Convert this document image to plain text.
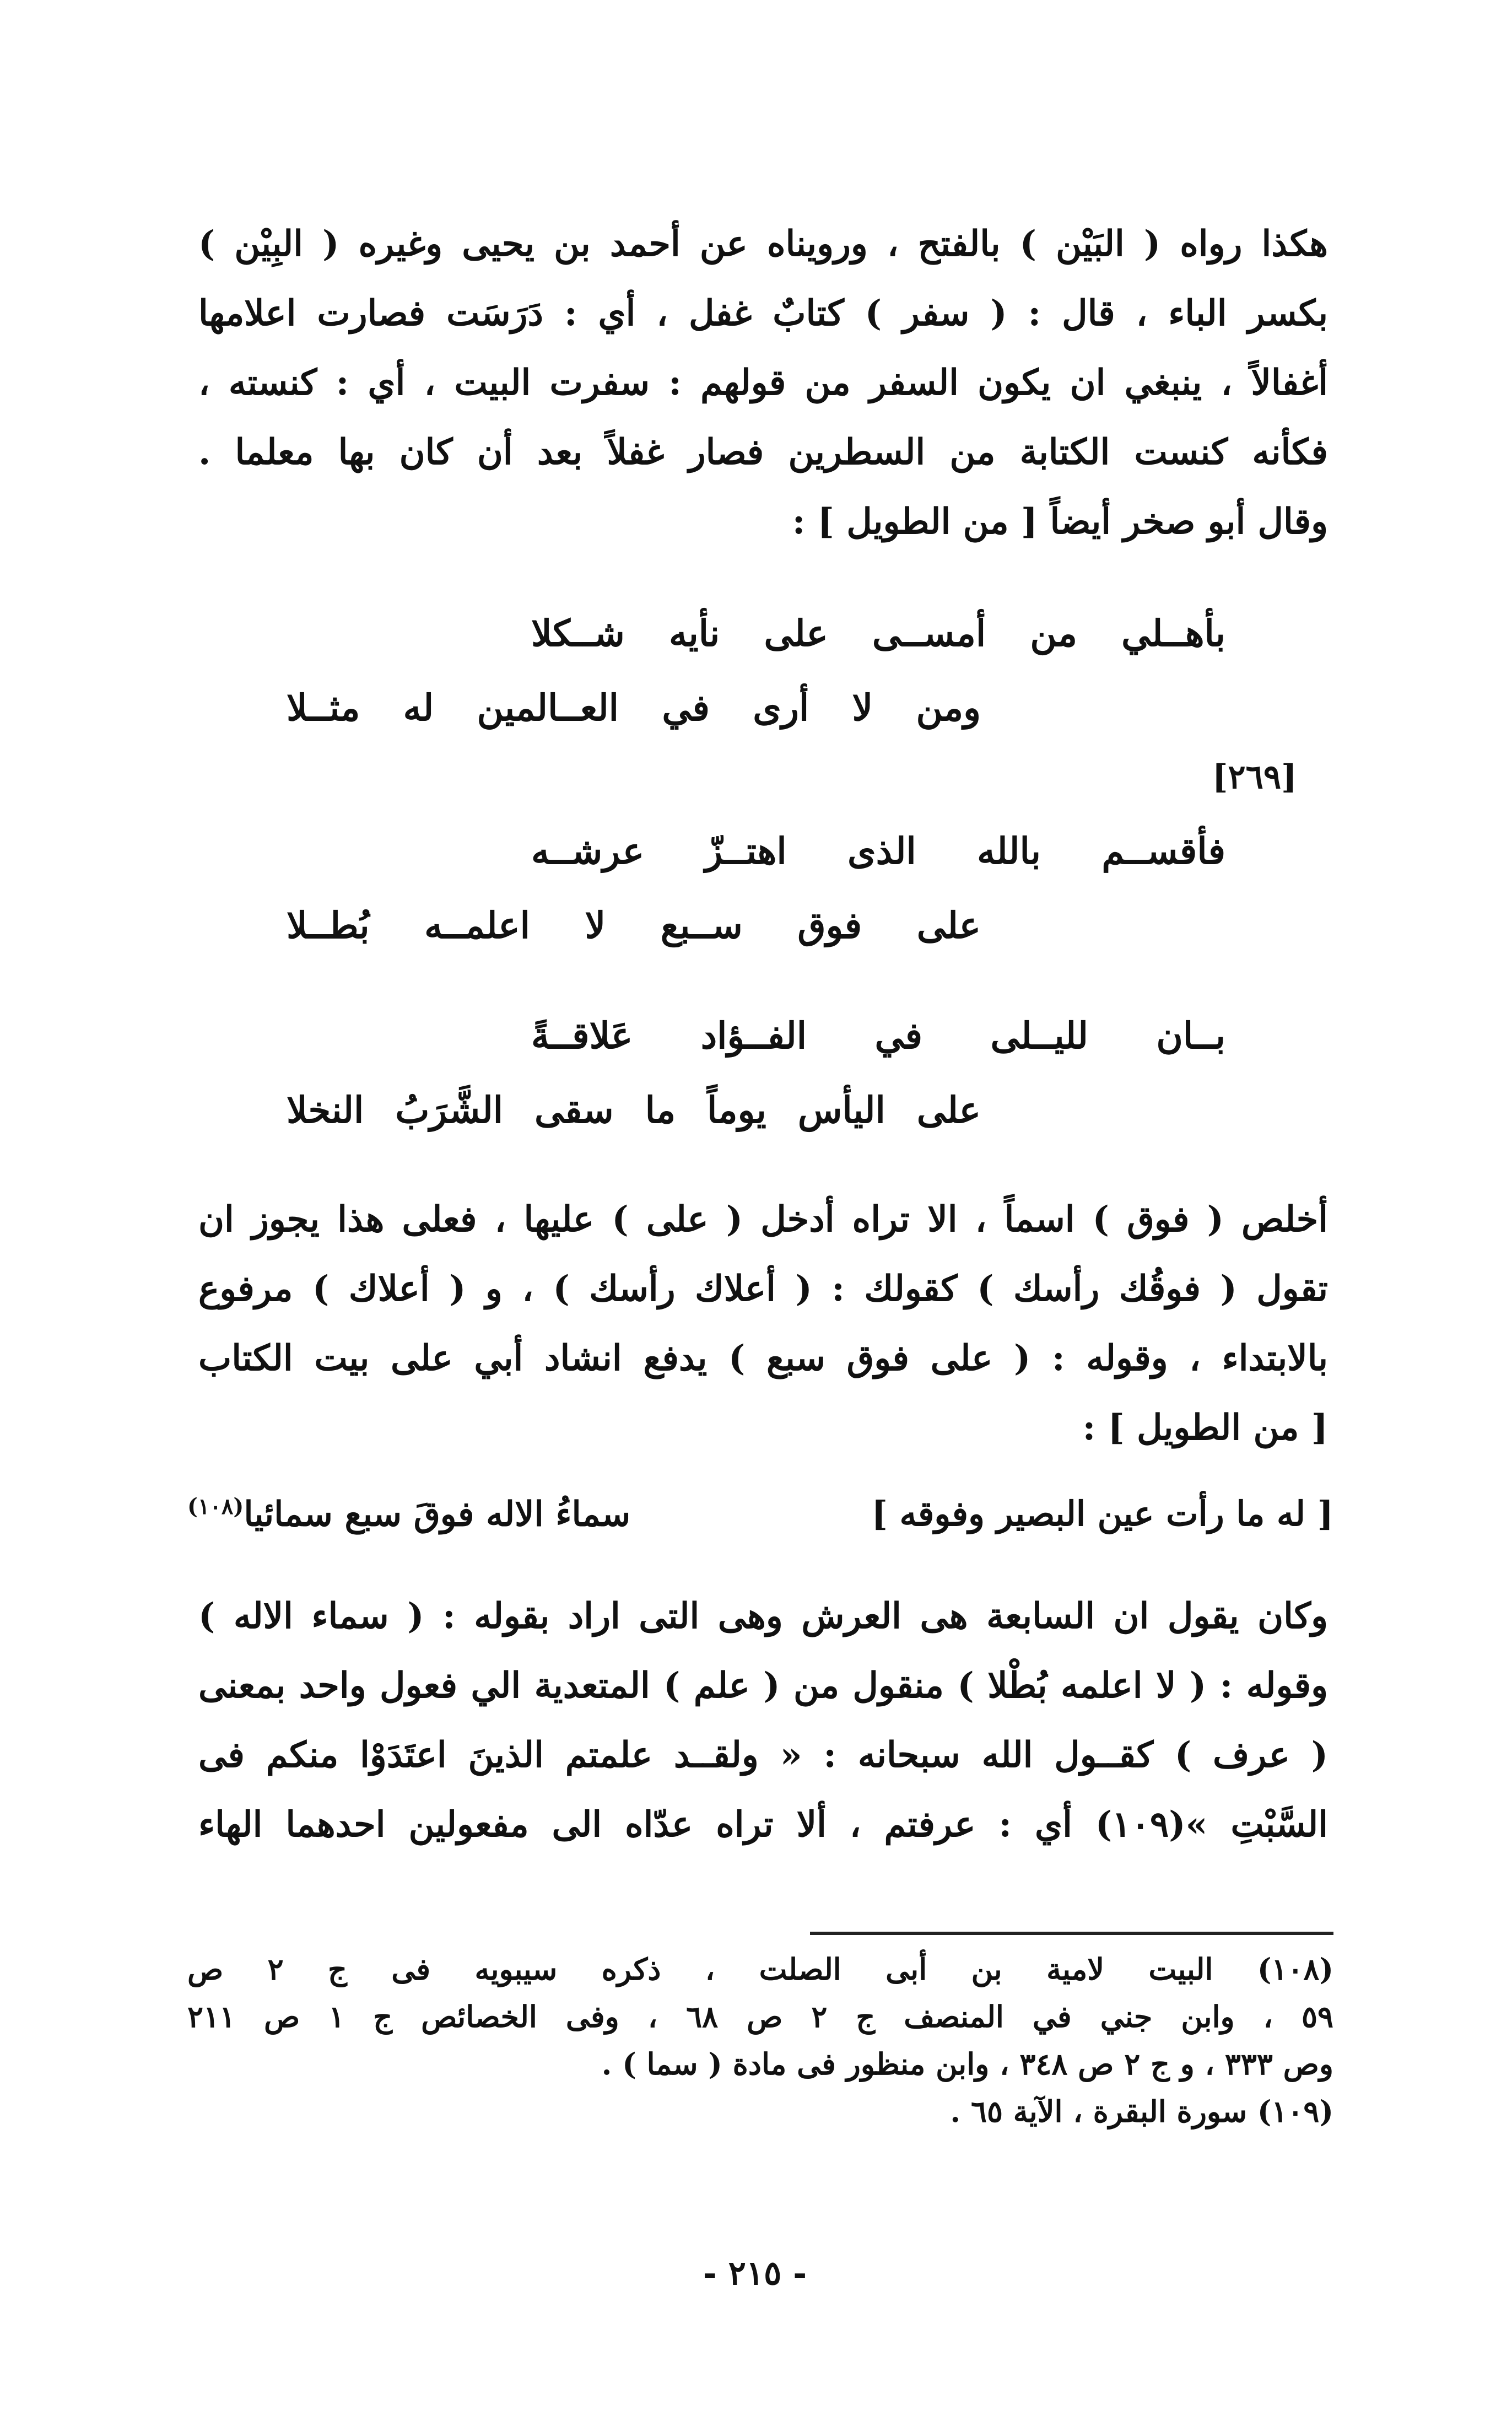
هكذا رواه ( البَيْن ) بالفتح ، ورويناه عن أحمد بن يحيى وغيره ( البِيْن )
بكسر الباء ، قال : ( سفر ) كتابٌ غفل ، أي : دَرَسَت فصارت اعلامها
أغفالاً ، ينبغي ان يكون السفر من قولهم : سفرت البيت ، أي : كنسته ،
فكأنه كنست الكتابة من السطرين فصار غفلاً بعد أن كان بها معلما .
وقال أبو صخر أيضاً [ من الطويل ] :
بأهــلي من أمســى على نأيه شــكلا
ومن لا أرى في العــالمين له مثــلا
[٢٦٩]
فأقســم بالله الذى اهتــزّ عرشــه
على فوق ســبع لا اعلمــه بُطــلا
بــان لليــلى في الفــؤاد عَلاقــةً
على اليأس يوماً ما سقى الشَّرَبُ النخلا
أخلص ( فوق ) اسماً ، الا تراه أدخل ( على ) عليها ، فعلى هذا يجوز ان
تقول ( فوقُك رأسك ) كقولك : ( أعلاك رأسك ) ، و ( أعلاك ) مرفوع
بالابتداء ، وقوله : ( على فوق سبع ) يدفع انشاد أبي على بيت الكتاب
[ من الطويل ] :
[ له ما رأت عين البصير وفوقه ]
سماءُ الاله فوقَ سبع سمائيا$^{(١٠٨)}$
وكان يقول ان السابعة هى العرش وهى التى اراد بقوله : ( سماء الاله )
وقوله : ( لا اعلمه بُطْلا ) منقول من ( علم ) المتعدية الي فعول واحد بمعنى
( عرف ) كقــول الله سبحانه : « ولقــد علمتم الذينَ اعتَدَوْا منكم فى
السَّبْتِ »(١٠٩) أي : عرفتم ، ألا تراه عدّاه الى مفعولين احدهما الهاء
(١٠٨) البيت لامية بن أبى الصلت ، ذكره سيبويه فى ج ٢ ص
٥٩ ، وابن جني في المنصف ج ٢ ص ٦٨ ، وفى الخصائص ج ١ ص ٢١١
وص ٣٣٣ ، و ج ٢ ص ٣٤٨ ، وابن منظور فى مادة ( سما ) .
(١٠٩) سورة البقرة ، الآية ٦٥ .
- ٢١٥ -
